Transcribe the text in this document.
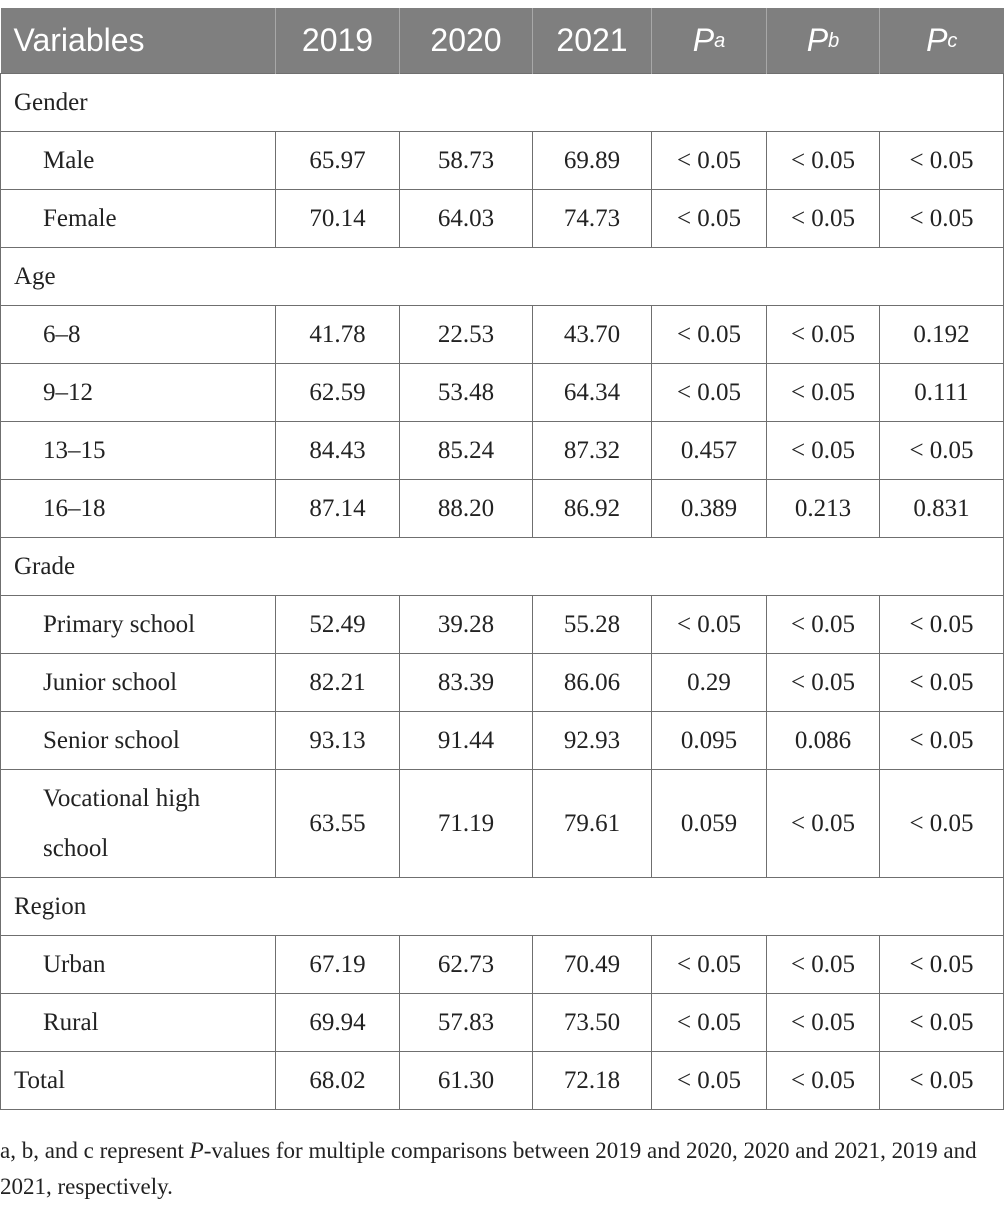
Variables	2019	2020	2021	$P^a$	$P^b$	$P^c$
Gender						
Male	65.97	58.73	69.89	< 0.05	< 0.05	< 0.05
Female	70.14	64.03	74.73	< 0.05	< 0.05	< 0.05
Age						
6–8	41.78	22.53	43.70	< 0.05	< 0.05	0.192
9–12	62.59	53.48	64.34	< 0.05	< 0.05	0.111
13–15	84.43	85.24	87.32	0.457	< 0.05	< 0.05
16–18	87.14	88.20	86.92	0.389	0.213	0.831
Grade						
Primary school	52.49	39.28	55.28	< 0.05	< 0.05	< 0.05
Junior school	82.21	83.39	86.06	0.29	< 0.05	< 0.05
Senior school	93.13	91.44	92.93	0.095	0.086	< 0.05
Vocational high
school	63.55	71.19	79.61	0.059	< 0.05	< 0.05
Region						
Urban	67.19	62.73	70.49	< 0.05	< 0.05	< 0.05
Rural	69.94	57.83	73.50	< 0.05	< 0.05	< 0.05
Total	68.02	61.30	72.18	< 0.05	< 0.05	< 0.05

a, b, and c represent P-values for multiple comparisons between 2019 and 2020, 2020 and 2021, 2019 and 2021, respectively.
